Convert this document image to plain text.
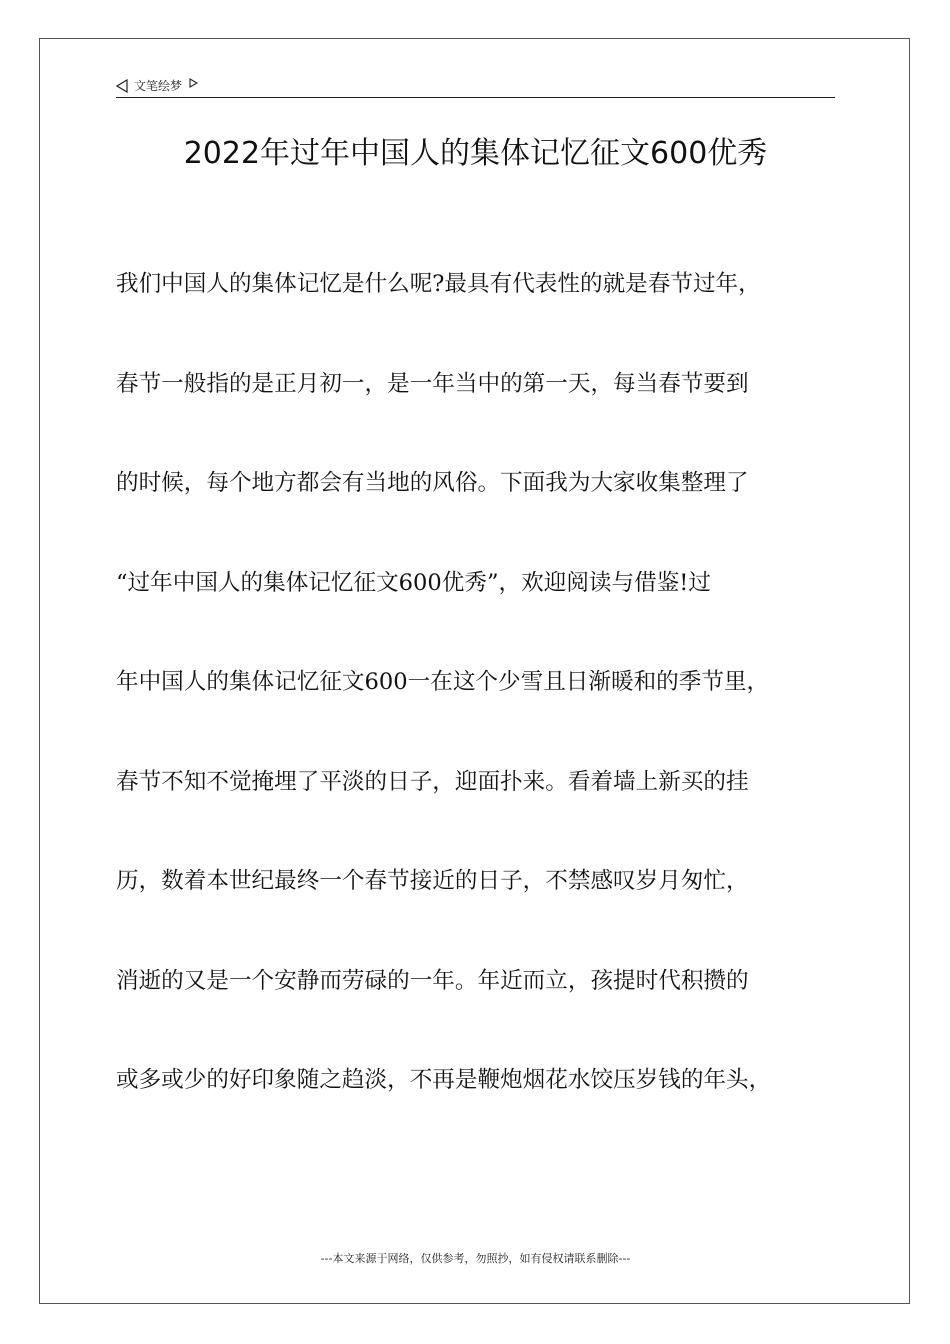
文笔绘梦
2022年过年中国人的集体记忆征文600优秀
我们中国人的集体记忆是什么呢?最具有代表性的就是春节过年，
春节一般指的是正月初一，是一年当中的第一天，每当春节要到
的时候，每个地方都会有当地的风俗。下面我为大家收集整理了
“过年中国人的集体记忆征文600优秀”，欢迎阅读与借鉴!过
年中国人的集体记忆征文600一在这个少雪且日渐暖和的季节里，
春节不知不觉掩埋了平淡的日子，迎面扑来。看着墙上新买的挂
历，数着本世纪最终一个春节接近的日子，不禁感叹岁月匆忙，
消逝的又是一个安静而劳碌的一年。年近而立，孩提时代积攒的
或多或少的好印象随之趋淡，不再是鞭炮烟花水饺压岁钱的年头，
---本文来源于网络，仅供参考，勿照抄，如有侵权请联系删除---
